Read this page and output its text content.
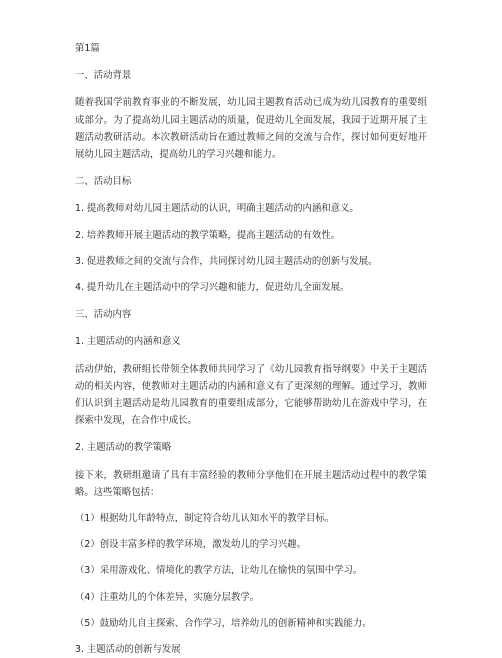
第1篇
一、活动背景

随着我国学前教育事业的不断发展，幼儿园主题教育活动已成为幼儿园教育的重要组成部分。为了提高幼儿园主题活动的质量，促进幼儿全面发展，我园于近期开展了主题活动教研活动。本次教研活动旨在通过教师之间的交流与合作，探讨如何更好地开展幼儿园主题活动，提高幼儿的学习兴趣和能力。

二、活动目标
1. 提高教师对幼儿园主题活动的认识，明确主题活动的内涵和意义。
2. 培养教师开展主题活动的教学策略，提高主题活动的有效性。
3. 促进教师之间的交流与合作，共同探讨幼儿园主题活动的创新与发展。
4. 提升幼儿在主题活动中的学习兴趣和能力，促进幼儿全面发展。
三、活动内容
1. 主题活动的内涵和意义

活动伊始，教研组长带领全体教师共同学习了《幼儿园教育指导纲要》中关于主题活动的相关内容，使教师对主题活动的内涵和意义有了更深刻的理解。通过学习，教师们认识到主题活动是幼儿园教育的重要组成部分，它能够帮助幼儿在游戏中学习，在探索中发现，在合作中成长。

2. 主题活动的教学策略

接下来，教研组邀请了具有丰富经验的教师分享他们在开展主题活动过程中的教学策略。这些策略包括：

（1）根据幼儿年龄特点，制定符合幼儿认知水平的教学目标。
（2）创设丰富多样的教学环境，激发幼儿的学习兴趣。
（3）采用游戏化、情境化的教学方法，让幼儿在愉快的氛围中学习。
（4）注重幼儿的个体差异，实施分层教学。
（5）鼓励幼儿自主探索、合作学习，培养幼儿的创新精神和实践能力。
3. 主题活动的创新与发展
